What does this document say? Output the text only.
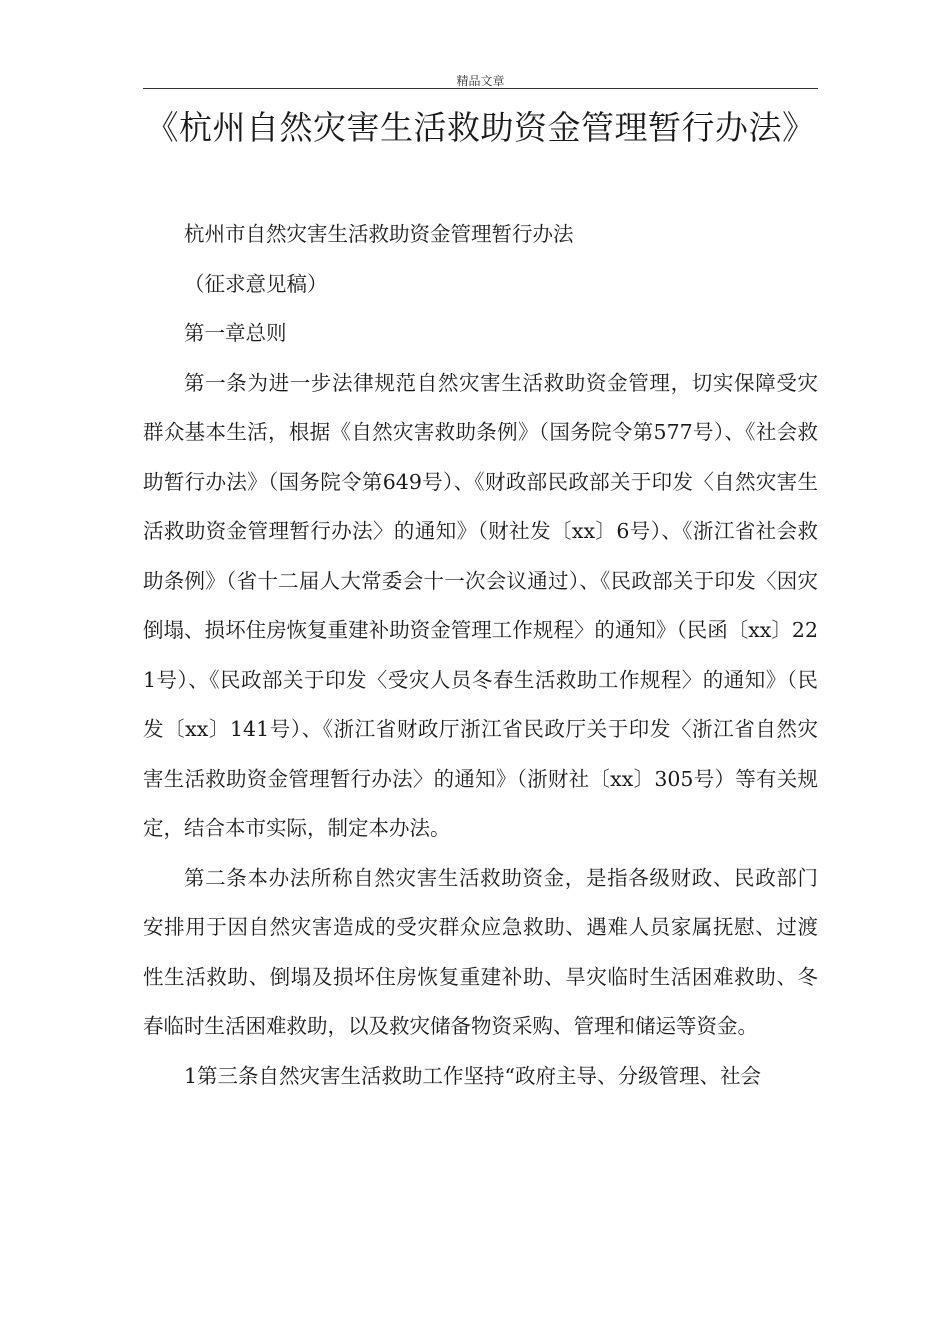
精品文章
《杭州自然灾害生活救助资金管理暂行办法》

杭州市自然灾害生活救助资金管理暂行办法

（征求意见稿）

第一章总则

第一条为进一步法律规范自然灾害生活救助资金管理，切实保障受灾群众基本生活，根据《自然灾害救助条例》（国务院令第577号）、《社会救助暂行办法》（国务院令第649号）、《财政部民政部关于印发〈自然灾害生活救助资金管理暂行办法〉的通知》（财社发〔xx〕6号）、《浙江省社会救助条例》（省十二届人大常委会十一次会议通过）、《民政部关于印发〈因灾倒塌、损坏住房恢复重建补助资金管理工作规程〉的通知》（民函〔xx〕221号）、《民政部关于印发〈受灾人员冬春生活救助工作规程〉的通知》（民发〔xx〕141号）、《浙江省财政厅浙江省民政厅关于印发〈浙江省自然灾害生活救助资金管理暂行办法〉的通知》（浙财社〔xx〕305号）等有关规定，结合本市实际，制定本办法。

第二条本办法所称自然灾害生活救助资金，是指各级财政、民政部门安排用于因自然灾害造成的受灾群众应急救助、遇难人员家属抚慰、过渡性生活救助、倒塌及损坏住房恢复重建补助、旱灾临时生活困难救助、冬春临时生活困难救助，以及救灾储备物资采购、管理和储运等资金。

1第三条自然灾害生活救助工作坚持“政府主导、分级管理、社会
